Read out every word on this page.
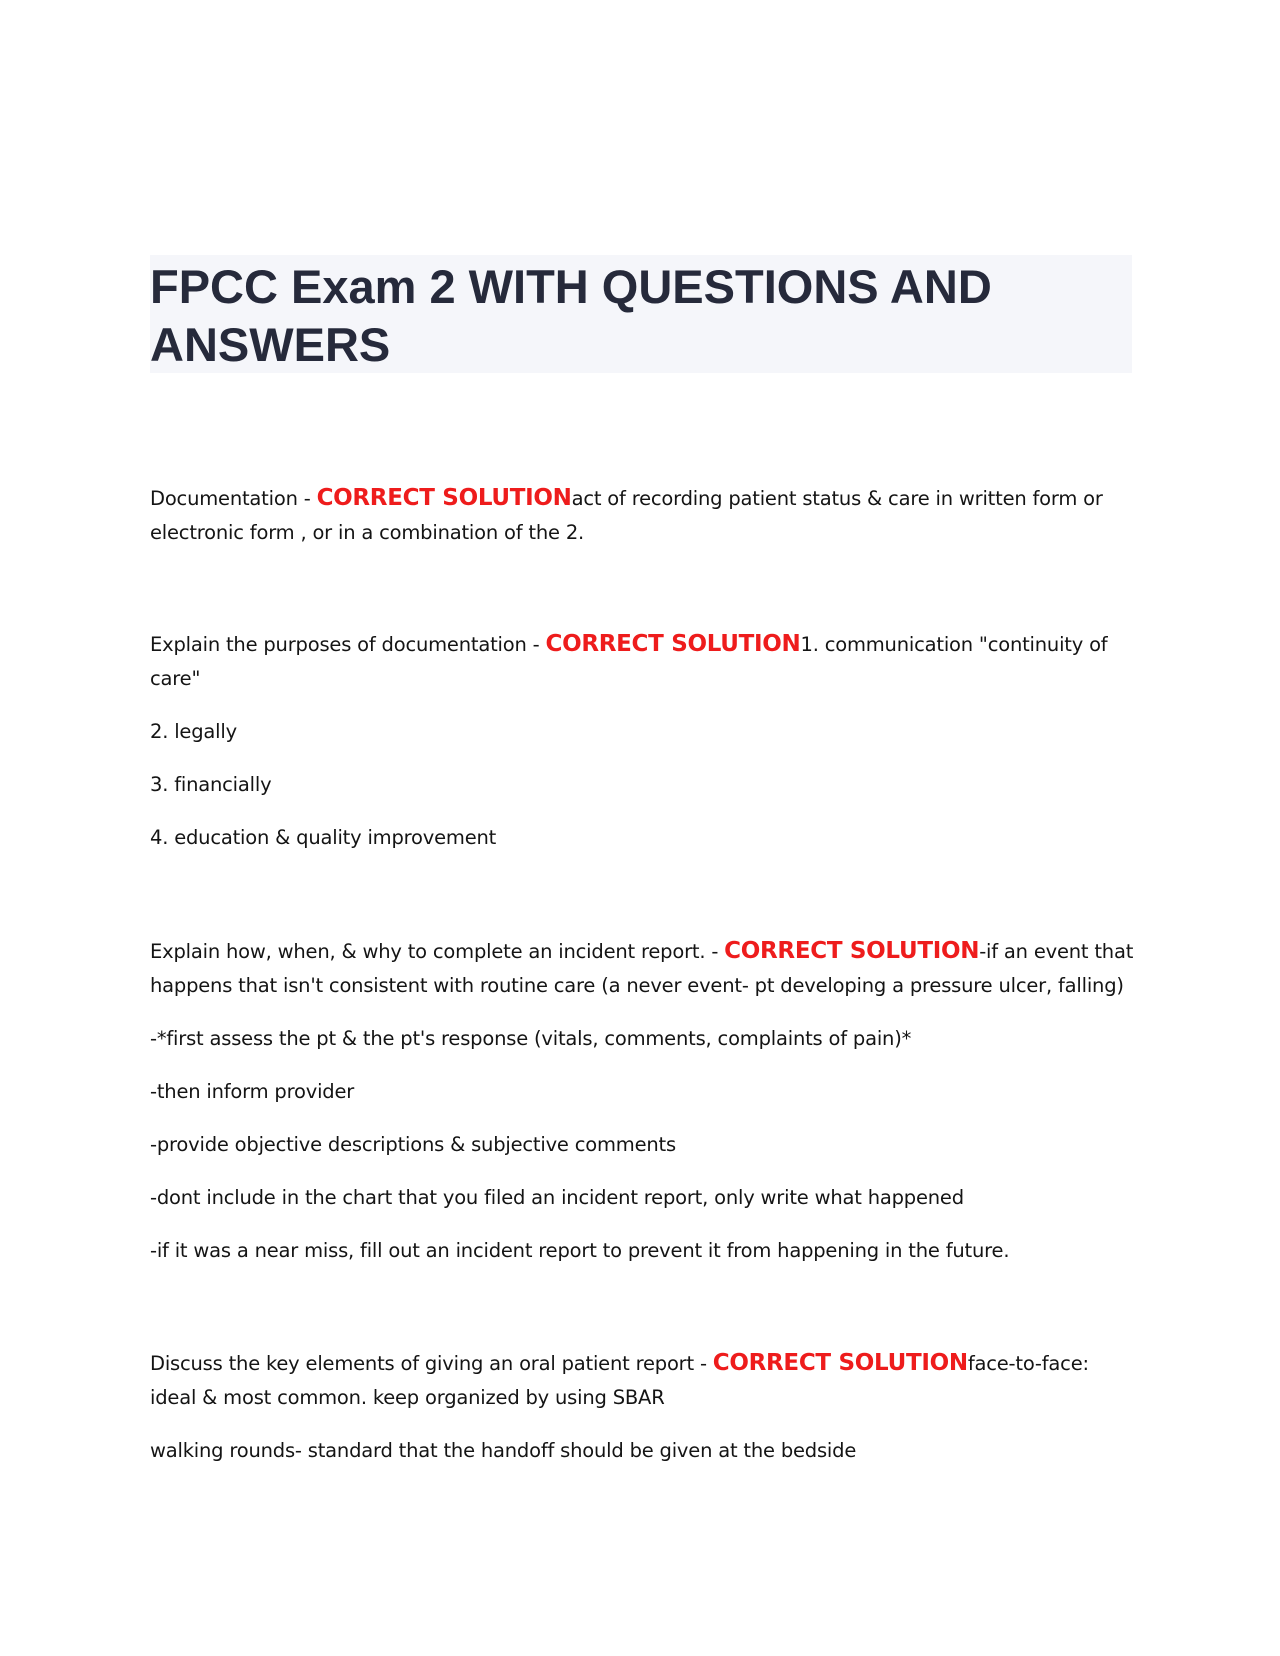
FPCC Exam 2 WITH QUESTIONS AND ANSWERS

Documentation - CORRECT SOLUTIONact of recording patient status & care in written form or electronic form , or in a combination of the 2.

Explain the purposes of documentation - CORRECT SOLUTION1. communication "continuity of care"

2. legally

3. financially

4. education & quality improvement

Explain how, when, & why to complete an incident report. - CORRECT SOLUTION-if an event that happens that isn't consistent with routine care (a never event- pt developing a pressure ulcer, falling)

-*first assess the pt & the pt's response (vitals, comments, complaints of pain)*

-then inform provider

-provide objective descriptions & subjective comments

-dont include in the chart that you filed an incident report, only write what happened

-if it was a near miss, fill out an incident report to prevent it from happening in the future.

Discuss the key elements of giving an oral patient report - CORRECT SOLUTIONface-to-face: ideal & most common. keep organized by using SBAR

walking rounds- standard that the handoff should be given at the bedside
